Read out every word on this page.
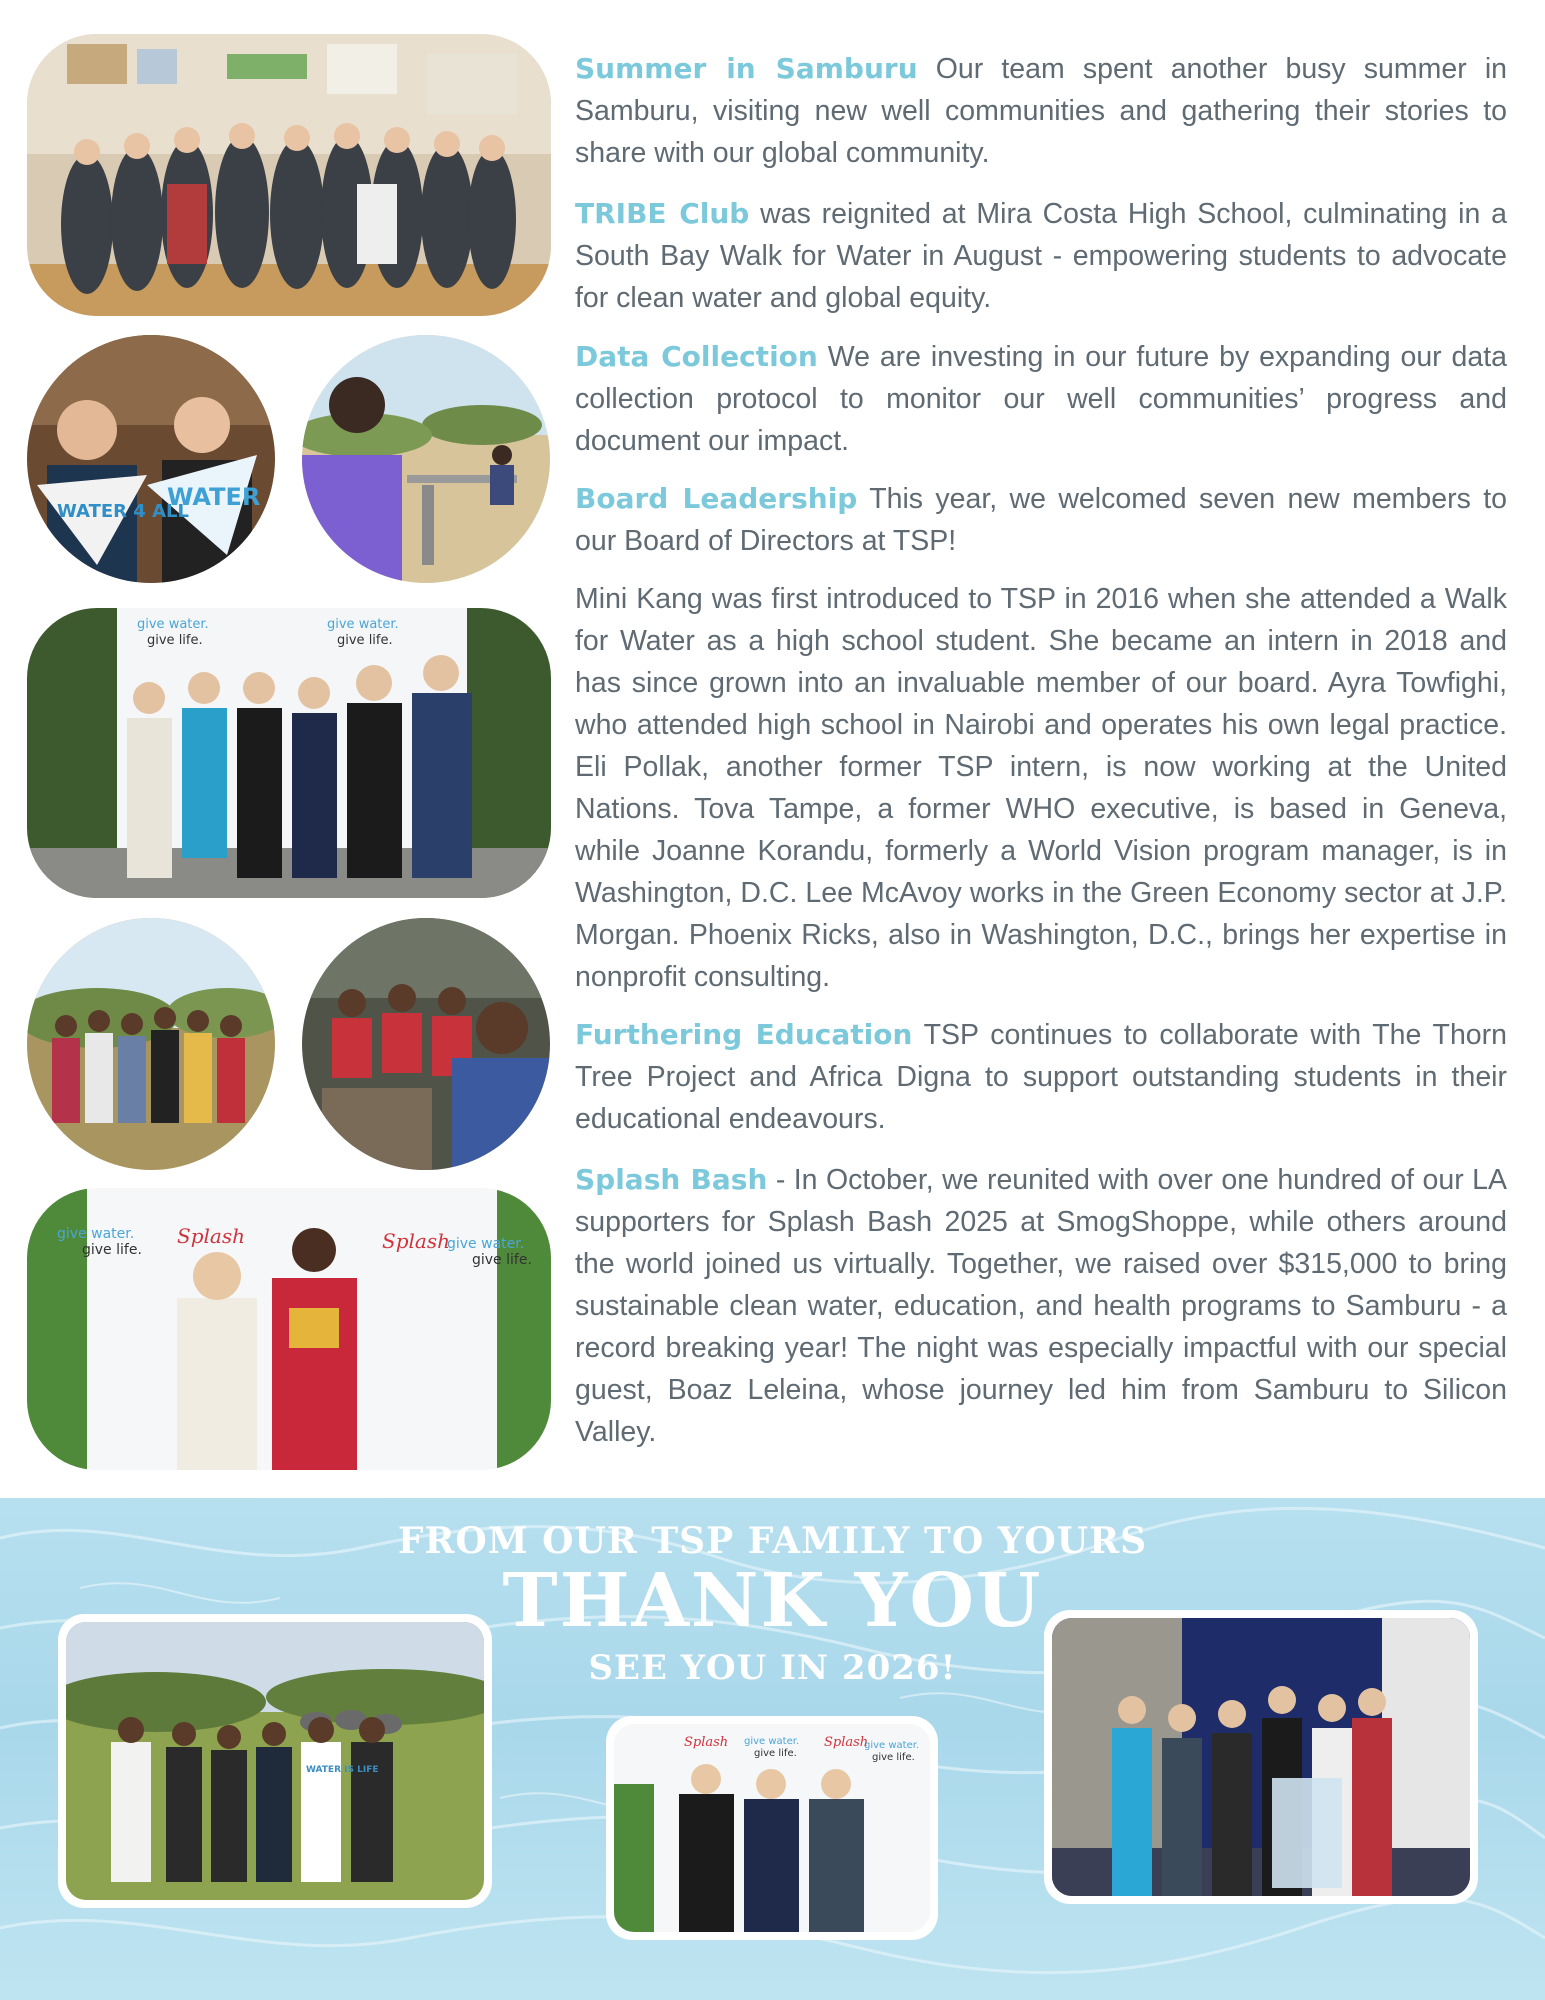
WATER 4 ALL
WATER
give water.	give water.
give life.	give life.
give water.
give water.
give life.
give life.
Splash	Splash

Summer in Samburu Our team spent another busy summer in Samburu, visiting new well communities and gathering their stories to share with our global community.

TRIBE Club was reignited at Mira Costa High School, culminating in a South Bay Walk for Water in August - empowering students to advocate for clean water and global equity.

Data Collection We are investing in our future by expanding our data collection protocol to monitor our well communities’ progress and document our impact.

Board Leadership This year, we welcomed seven new members to our Board of Directors at TSP!

Mini Kang was first introduced to TSP in 2016 when she attended a Walk for Water as a high school student. She became an intern in 2018 and has since grown into an invaluable member of our board. Ayra Towfighi, who attended high school in Nairobi and operates his own legal practice. Eli Pollak, another former TSP intern, is now working at the United Nations. Tova Tampe, a former WHO executive, is based in Geneva, while Joanne Korandu, formerly a World Vision program manager, is in Washington, D.C. Lee McAvoy works in the Green Economy sector at J.P. Morgan. Phoenix Ricks, also in Washington, D.C., brings her expertise in nonprofit consulting.

Furthering Education TSP continues to collaborate with The Thorn Tree Project and Africa Digna to support outstanding students in their educational endeavours.

Splash Bash - In October, we reunited with over one hundred of our LA supporters for Splash Bash 2025 at SmogShoppe, while others around the world joined us virtually. Together, we raised over $315,000 to bring sustainable clean water, education, and health programs to Samburu - a record breaking year! The night was especially impactful with our special guest, Boaz Leleina, whose journey led him from Samburu to Silicon Valley.

FROM OUR TSP FAMILY TO YOURS
THANK YOU
SEE YOU IN 2026!
WATER IS LIFE
give water.	give water.
give life.	give life.
Splash	Splash
